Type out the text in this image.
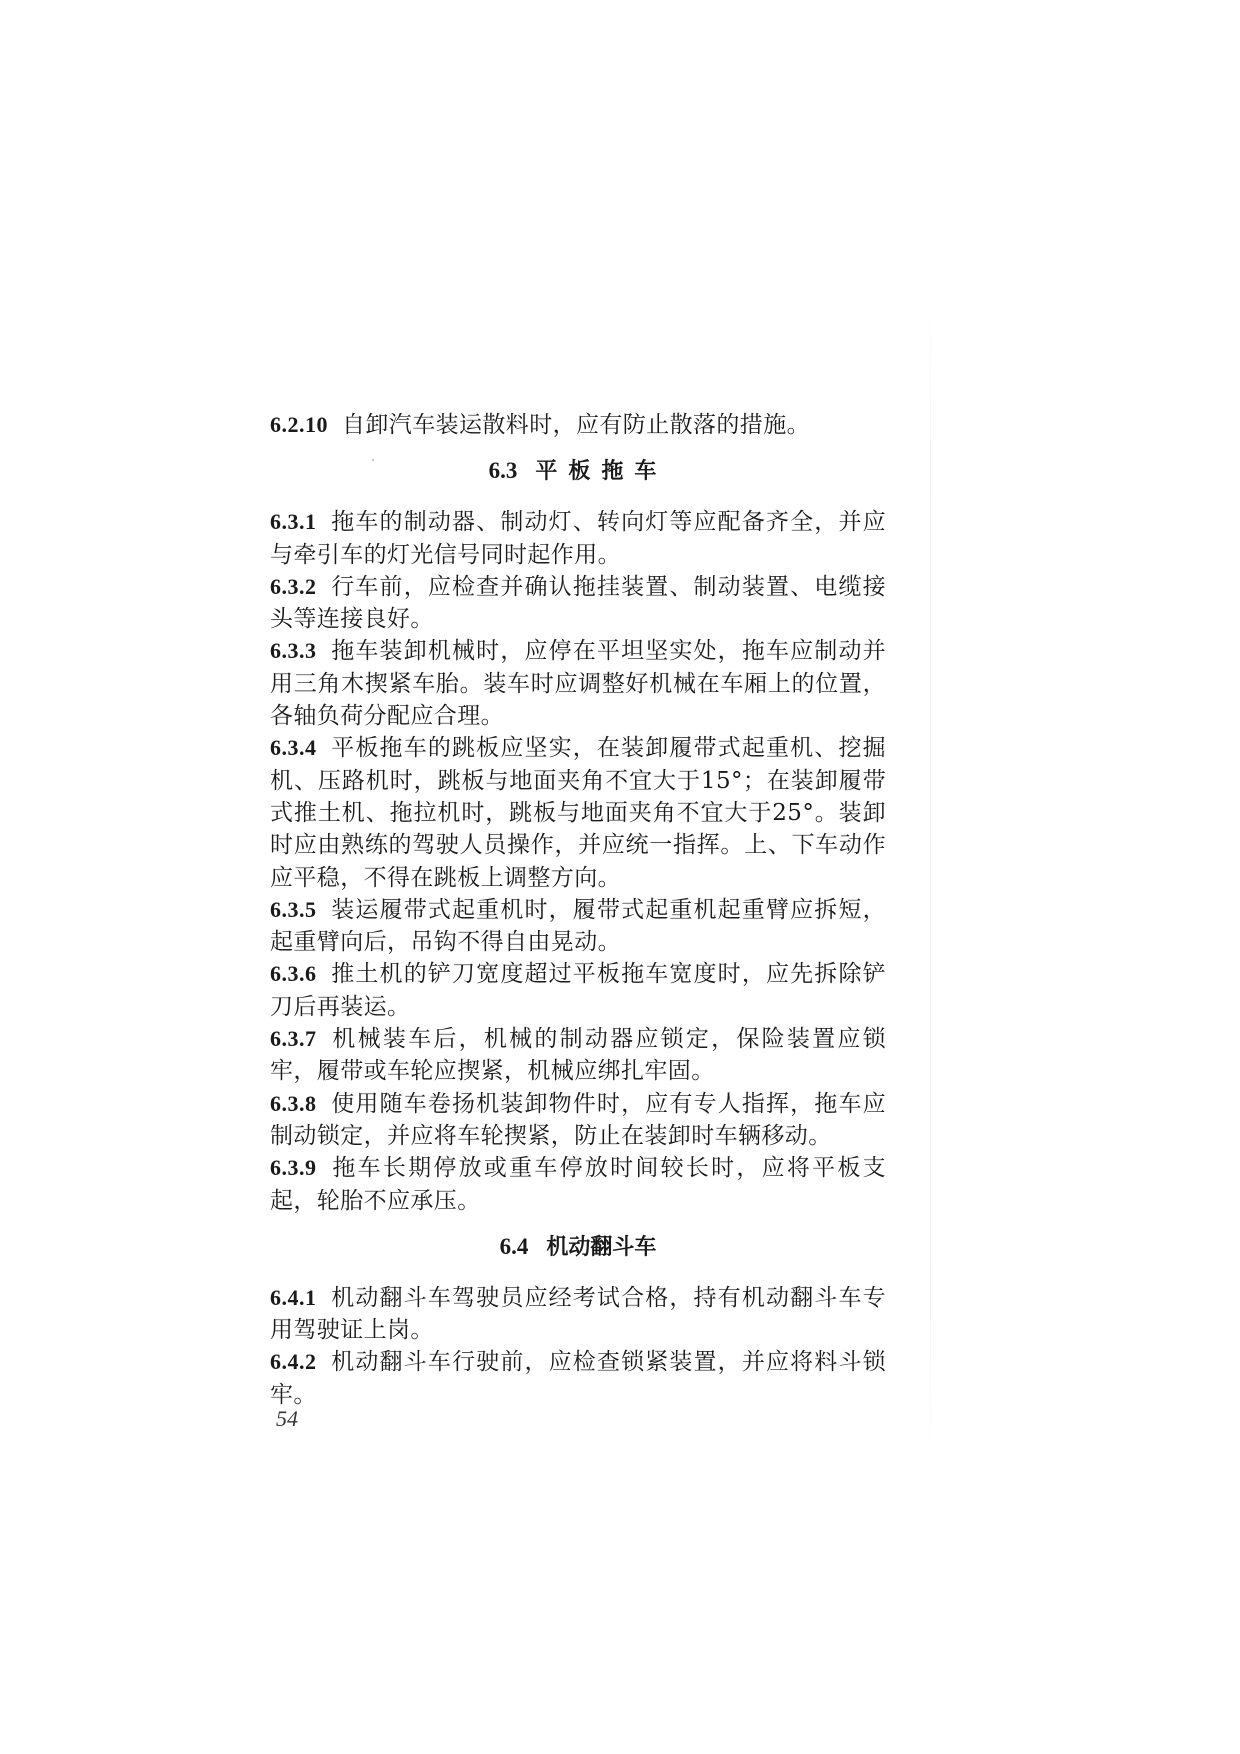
6.2.10 自卸汽车装运散料时，应有防止散落的措施。

6.3 平板拖车

6.3.1 拖车的制动器、制动灯、转向灯等应配备齐全，并应与牵引车的灯光信号同时起作用。

6.3.2 行车前，应检查并确认拖挂装置、制动装置、电缆接头等连接良好。

6.3.3 拖车装卸机械时，应停在平坦坚实处，拖车应制动并用三角木揳紧车胎。装车时应调整好机械在车厢上的位置，各轴负荷分配应合理。

6.3.4 平板拖车的跳板应坚实，在装卸履带式起重机、挖掘机、压路机时，跳板与地面夹角不宜大于15°；在装卸履带式推土机、拖拉机时，跳板与地面夹角不宜大于25°。装卸时应由熟练的驾驶人员操作，并应统一指挥。上、下车动作应平稳，不得在跳板上调整方向。

6.3.5 装运履带式起重机时，履带式起重机起重臂应拆短，起重臂向后，吊钩不得自由晃动。

6.3.6 推土机的铲刀宽度超过平板拖车宽度时，应先拆除铲刀后再装运。

6.3.7 机械装车后，机械的制动器应锁定，保险装置应锁牢，履带或车轮应揳紧，机械应绑扎牢固。

6.3.8 使用随车卷扬机装卸物件时，应有专人指挥，拖车应制动锁定，并应将车轮揳紧，防止在装卸时车辆移动。

6.3.9 拖车长期停放或重车停放时间较长时，应将平板支起，轮胎不应承压。

6.4 机动翻斗车

6.4.1 机动翻斗车驾驶员应经考试合格，持有机动翻斗车专用驾驶证上岗。

6.4.2 机动翻斗车行驶前，应检查锁紧装置，并应将料斗锁牢。

54
